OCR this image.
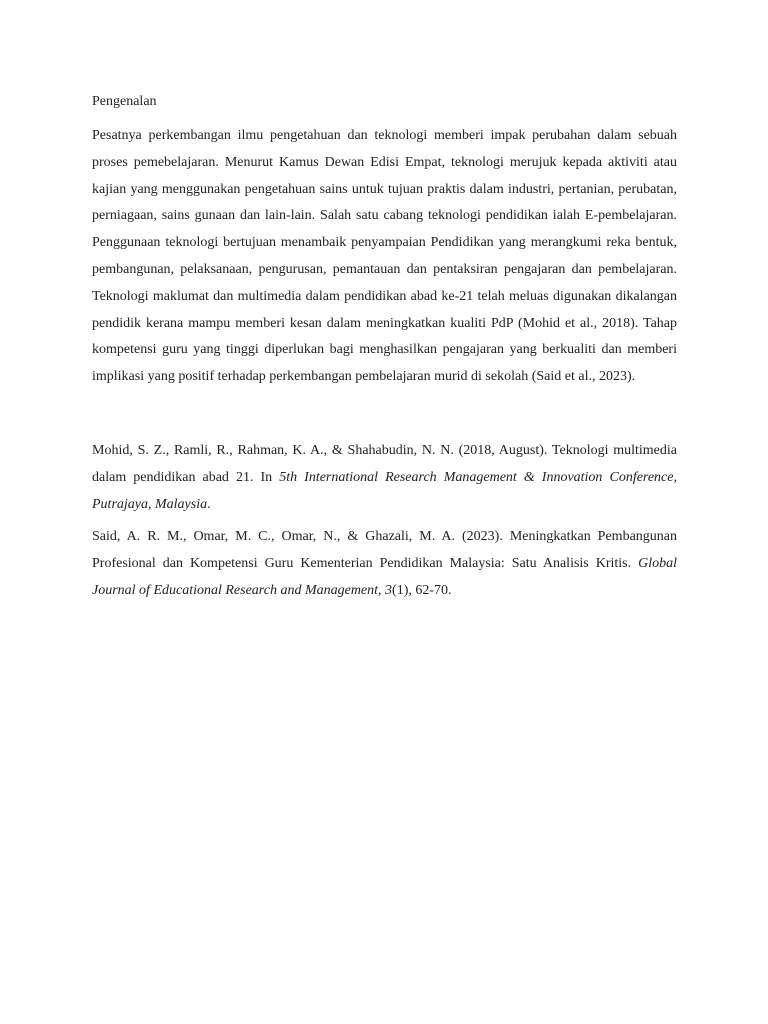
Pengenalan

Pesatnya perkembangan ilmu pengetahuan dan teknologi memberi impak perubahan dalam sebuah proses pemebelajaran. Menurut Kamus Dewan Edisi Empat, teknologi merujuk kepada aktiviti atau kajian yang menggunakan pengetahuan sains untuk tujuan praktis dalam industri, pertanian, perubatan, perniagaan, sains gunaan dan lain-lain. Salah satu cabang teknologi pendidikan ialah E-pembelajaran. Penggunaan teknologi bertujuan menambaik penyampaian Pendidikan yang merangkumi reka bentuk, pembangunan, pelaksanaan, pengurusan, pemantauan dan pentaksiran pengajaran dan pembelajaran. Teknologi maklumat dan multimedia dalam pendidikan abad ke-21 telah meluas digunakan dikalangan pendidik kerana mampu memberi kesan dalam meningkatkan kualiti PdP (Mohid et al., 2018). Tahap kompetensi guru yang tinggi diperlukan bagi menghasilkan pengajaran yang berkualiti dan memberi implikasi yang positif terhadap perkembangan pembelajaran murid di sekolah (Said et al., 2023).

Mohid, S. Z., Ramli, R., Rahman, K. A., & Shahabudin, N. N. (2018, August). Teknologi multimedia dalam pendidikan abad 21. In 5th International Research Management & Innovation Conference, Putrajaya, Malaysia.

Said, A. R. M., Omar, M. C., Omar, N., & Ghazali, M. A. (2023). Meningkatkan Pembangunan Profesional dan Kompetensi Guru Kementerian Pendidikan Malaysia: Satu Analisis Kritis. Global Journal of Educational Research and Management, 3(1), 62-70.
